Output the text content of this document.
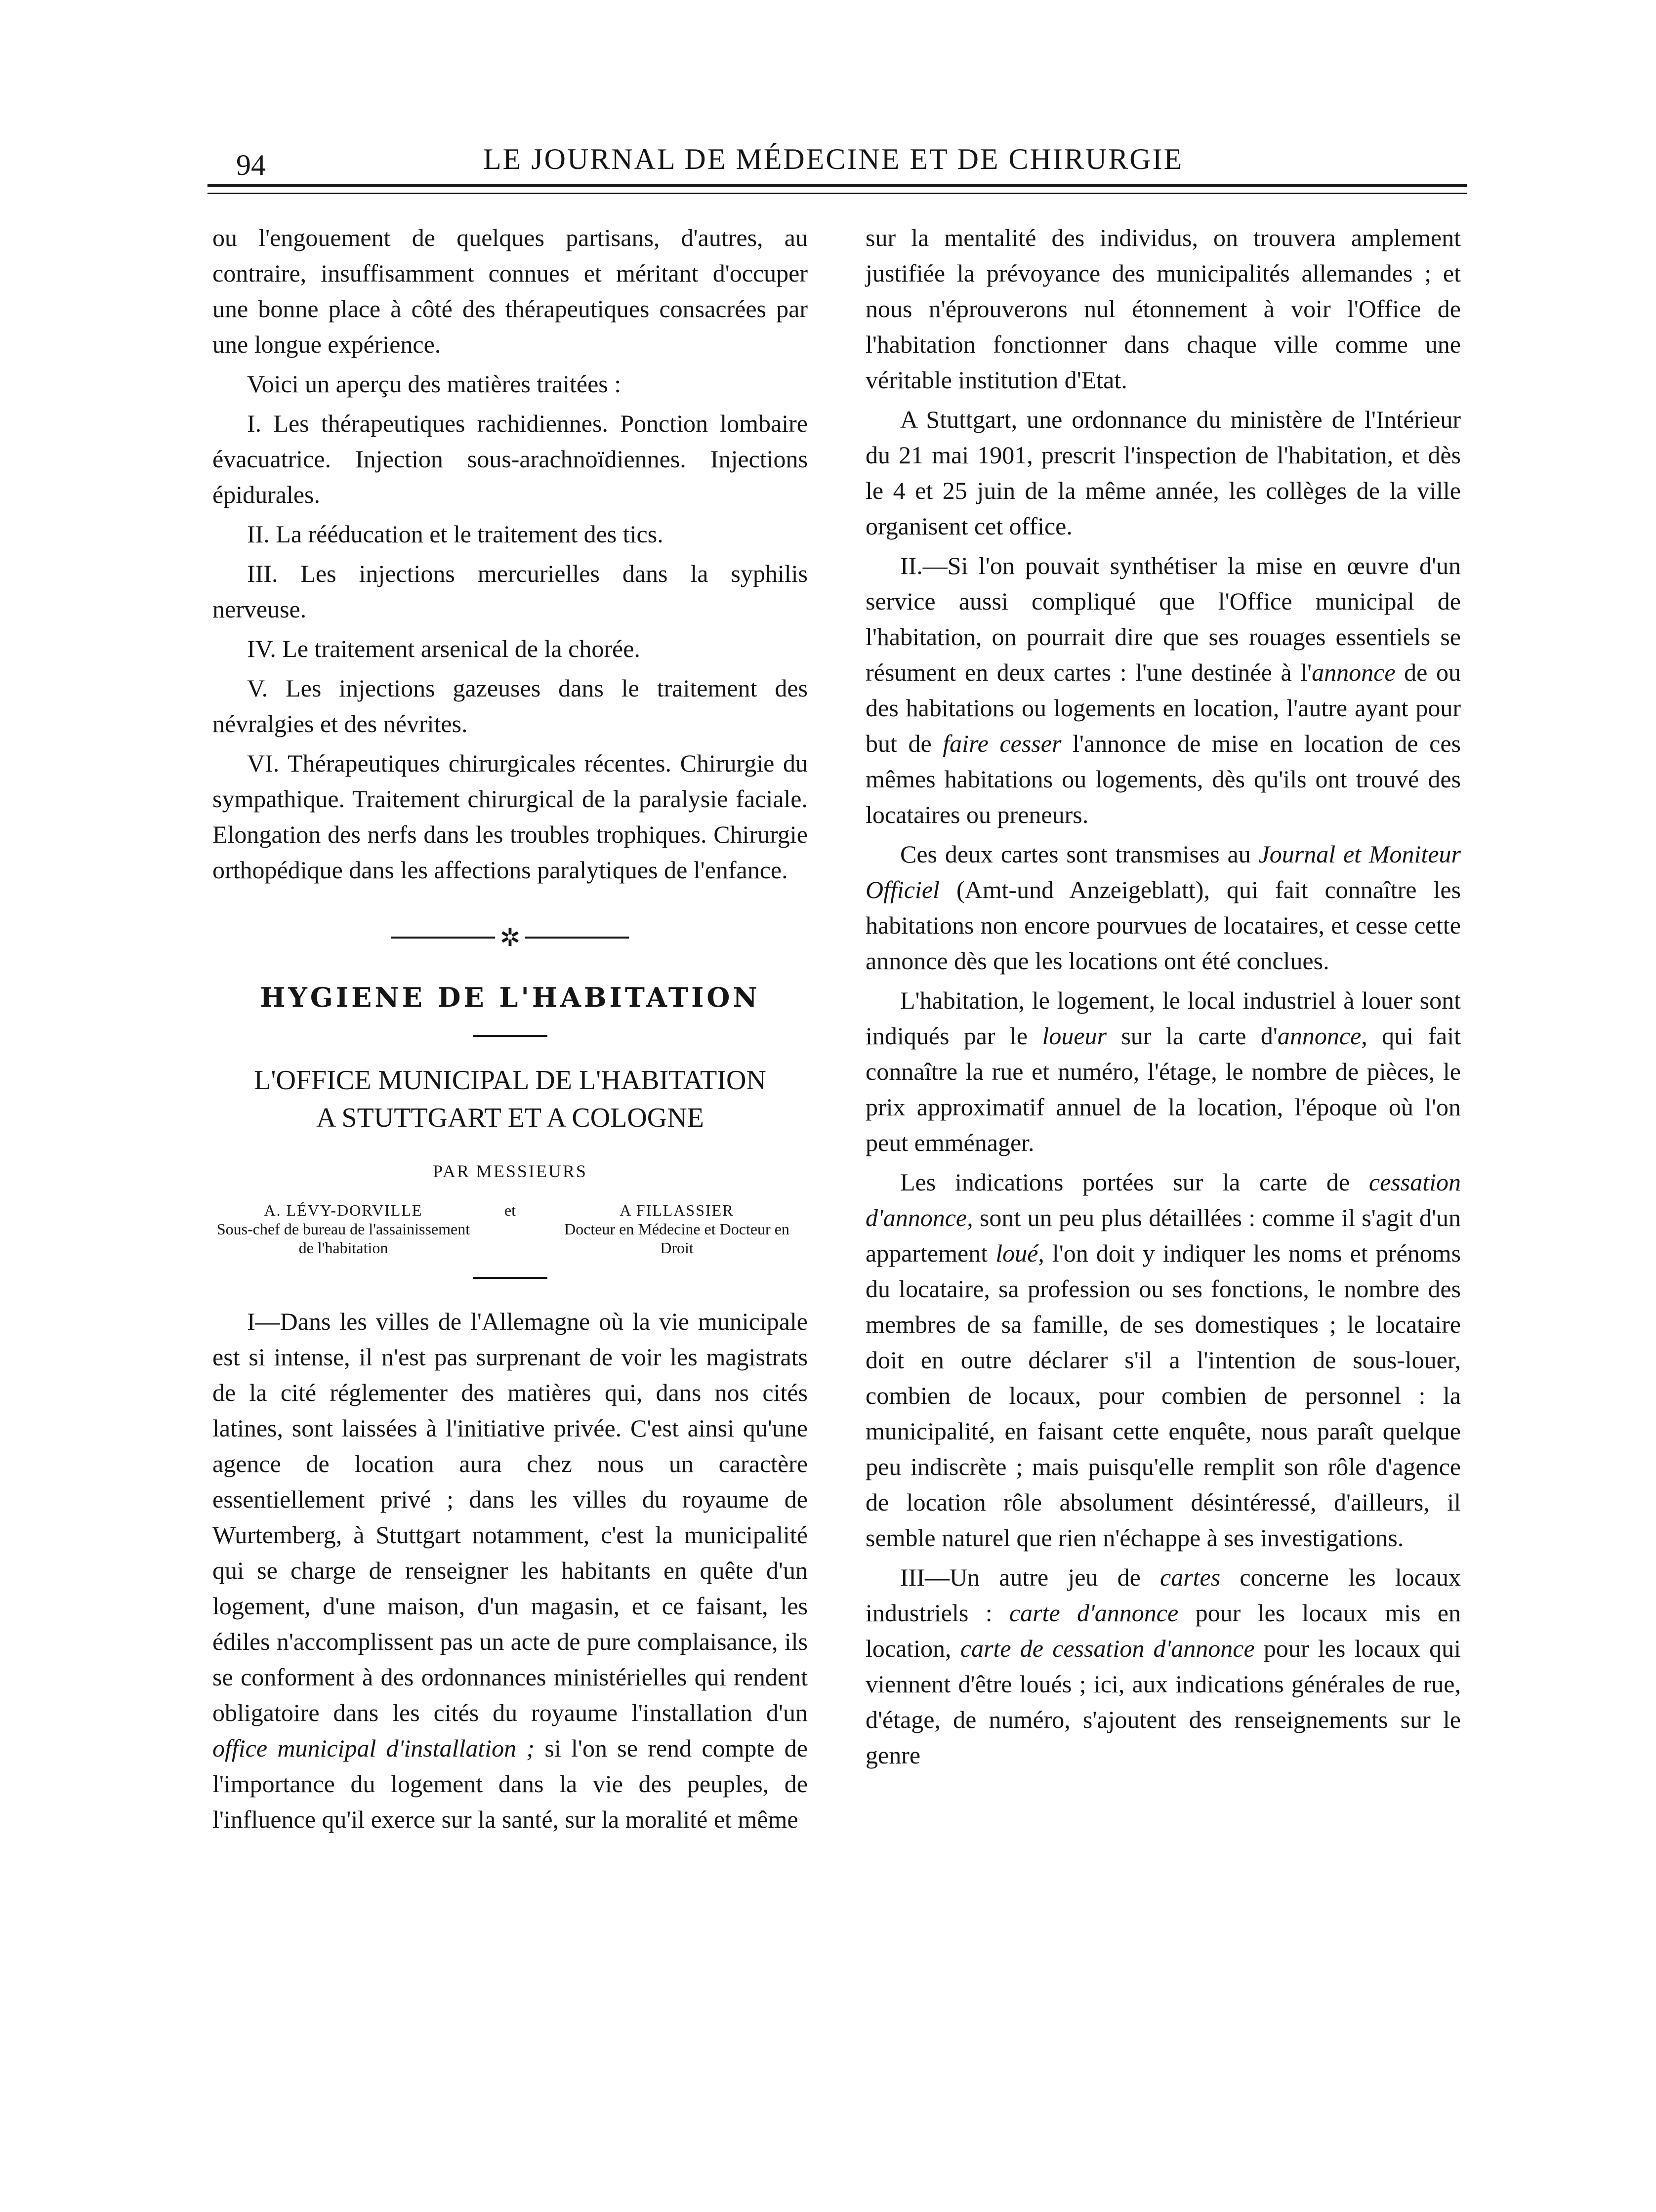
94	LE JOURNAL DE MÉDECINE ET DE CHIRURGIE

ou l'engouement de quelques partisans, d'autres, au contraire, insuffisamment connues et méritant d'occuper une bonne place à côté des thérapeutiques consacrées par une longue expérience.

Voici un aperçu des matières traitées :

I. Les thérapeutiques rachidiennes. Ponction lombaire évacuatrice. Injection sous-arachnoïdiennes. Injections épidurales.

II. La rééducation et le traitement des tics.

III. Les injections mercurielles dans la syphilis nerveuse.

IV. Le traitement arsenical de la chorée.

V. Les injections gazeuses dans le traitement des névralgies et des névrites.

VI. Thérapeutiques chirurgicales récentes. Chirurgie du sympathique. Traitement chirurgical de la paralysie faciale. Elongation des nerfs dans les troubles trophiques. Chirurgie orthopédique dans les affections paralytiques de l'enfance.

✲
HYGIENE DE L'HABITATION
L'OFFICE MUNICIPAL DE L'HABITATION
A STUTTGART ET A COLOGNE
PAR MESSIEURS
A. LÉVY-DORVILLE
Sous-chef de bureau de l'assainissement de l'habitation
et	A FILLASSIER
Docteur en Médecine et Docteur en Droit

I—Dans les villes de l'Allemagne où la vie municipale est si intense, il n'est pas surprenant de voir les magistrats de la cité réglementer des matières qui, dans nos cités latines, sont laissées à l'initiative privée. C'est ainsi qu'une agence de location aura chez nous un caractère essentiellement privé ; dans les villes du royaume de Wurtemberg, à Stuttgart notamment, c'est la municipalité qui se charge de renseigner les habitants en quête d'un logement, d'une maison, d'un magasin, et ce faisant, les édiles n'accomplissent pas un acte de pure complaisance, ils se conforment à des ordonnances ministérielles qui rendent obligatoire dans les cités du royaume l'installation d'un office municipal d'installation ; si l'on se rend compte de l'importance du logement dans la vie des peuples, de l'influence qu'il exerce sur la santé, sur la moralité et même

sur la mentalité des individus, on trouvera amplement justifiée la prévoyance des municipalités allemandes ; et nous n'éprouverons nul étonnement à voir l'Office de l'habitation fonctionner dans chaque ville comme une véritable institution d'Etat.

A Stuttgart, une ordonnance du ministère de l'Intérieur du 21 mai 1901, prescrit l'inspection de l'habitation, et dès le 4 et 25 juin de la même année, les collèges de la ville organisent cet office.

II.—Si l'on pouvait synthétiser la mise en œuvre d'un service aussi compliqué que l'Office municipal de l'habitation, on pourrait dire que ses rouages essentiels se résument en deux cartes : l'une destinée à l'annonce de ou des habitations ou logements en location, l'autre ayant pour but de faire cesser l'annonce de mise en location de ces mêmes habitations ou logements, dès qu'ils ont trouvé des locataires ou preneurs.

Ces deux cartes sont transmises au Journal et Moniteur Officiel (Amt-und Anzeigeblatt), qui fait connaître les habitations non encore pourvues de locataires, et cesse cette annonce dès que les locations ont été conclues.

L'habitation, le logement, le local industriel à louer sont indiqués par le loueur sur la carte d'annonce, qui fait connaître la rue et numéro, l'étage, le nombre de pièces, le prix approximatif annuel de la location, l'époque où l'on peut emménager.

Les indications portées sur la carte de cessation d'annonce, sont un peu plus détaillées : comme il s'agit d'un appartement loué, l'on doit y indiquer les noms et prénoms du locataire, sa profession ou ses fonctions, le nombre des membres de sa famille, de ses domestiques ; le locataire doit en outre déclarer s'il a l'intention de sous-louer, combien de locaux, pour combien de personnel : la municipalité, en faisant cette enquête, nous paraît quelque peu indiscrète ; mais puisqu'elle remplit son rôle d'agence de location rôle absolument désintéressé, d'ailleurs, il semble naturel que rien n'échappe à ses investigations.

III—Un autre jeu de cartes concerne les locaux industriels : carte d'annonce pour les locaux mis en location, carte de cessation d'annonce pour les locaux qui viennent d'être loués ; ici, aux indications générales de rue, d'étage, de numéro, s'ajoutent des renseignements sur le genre
